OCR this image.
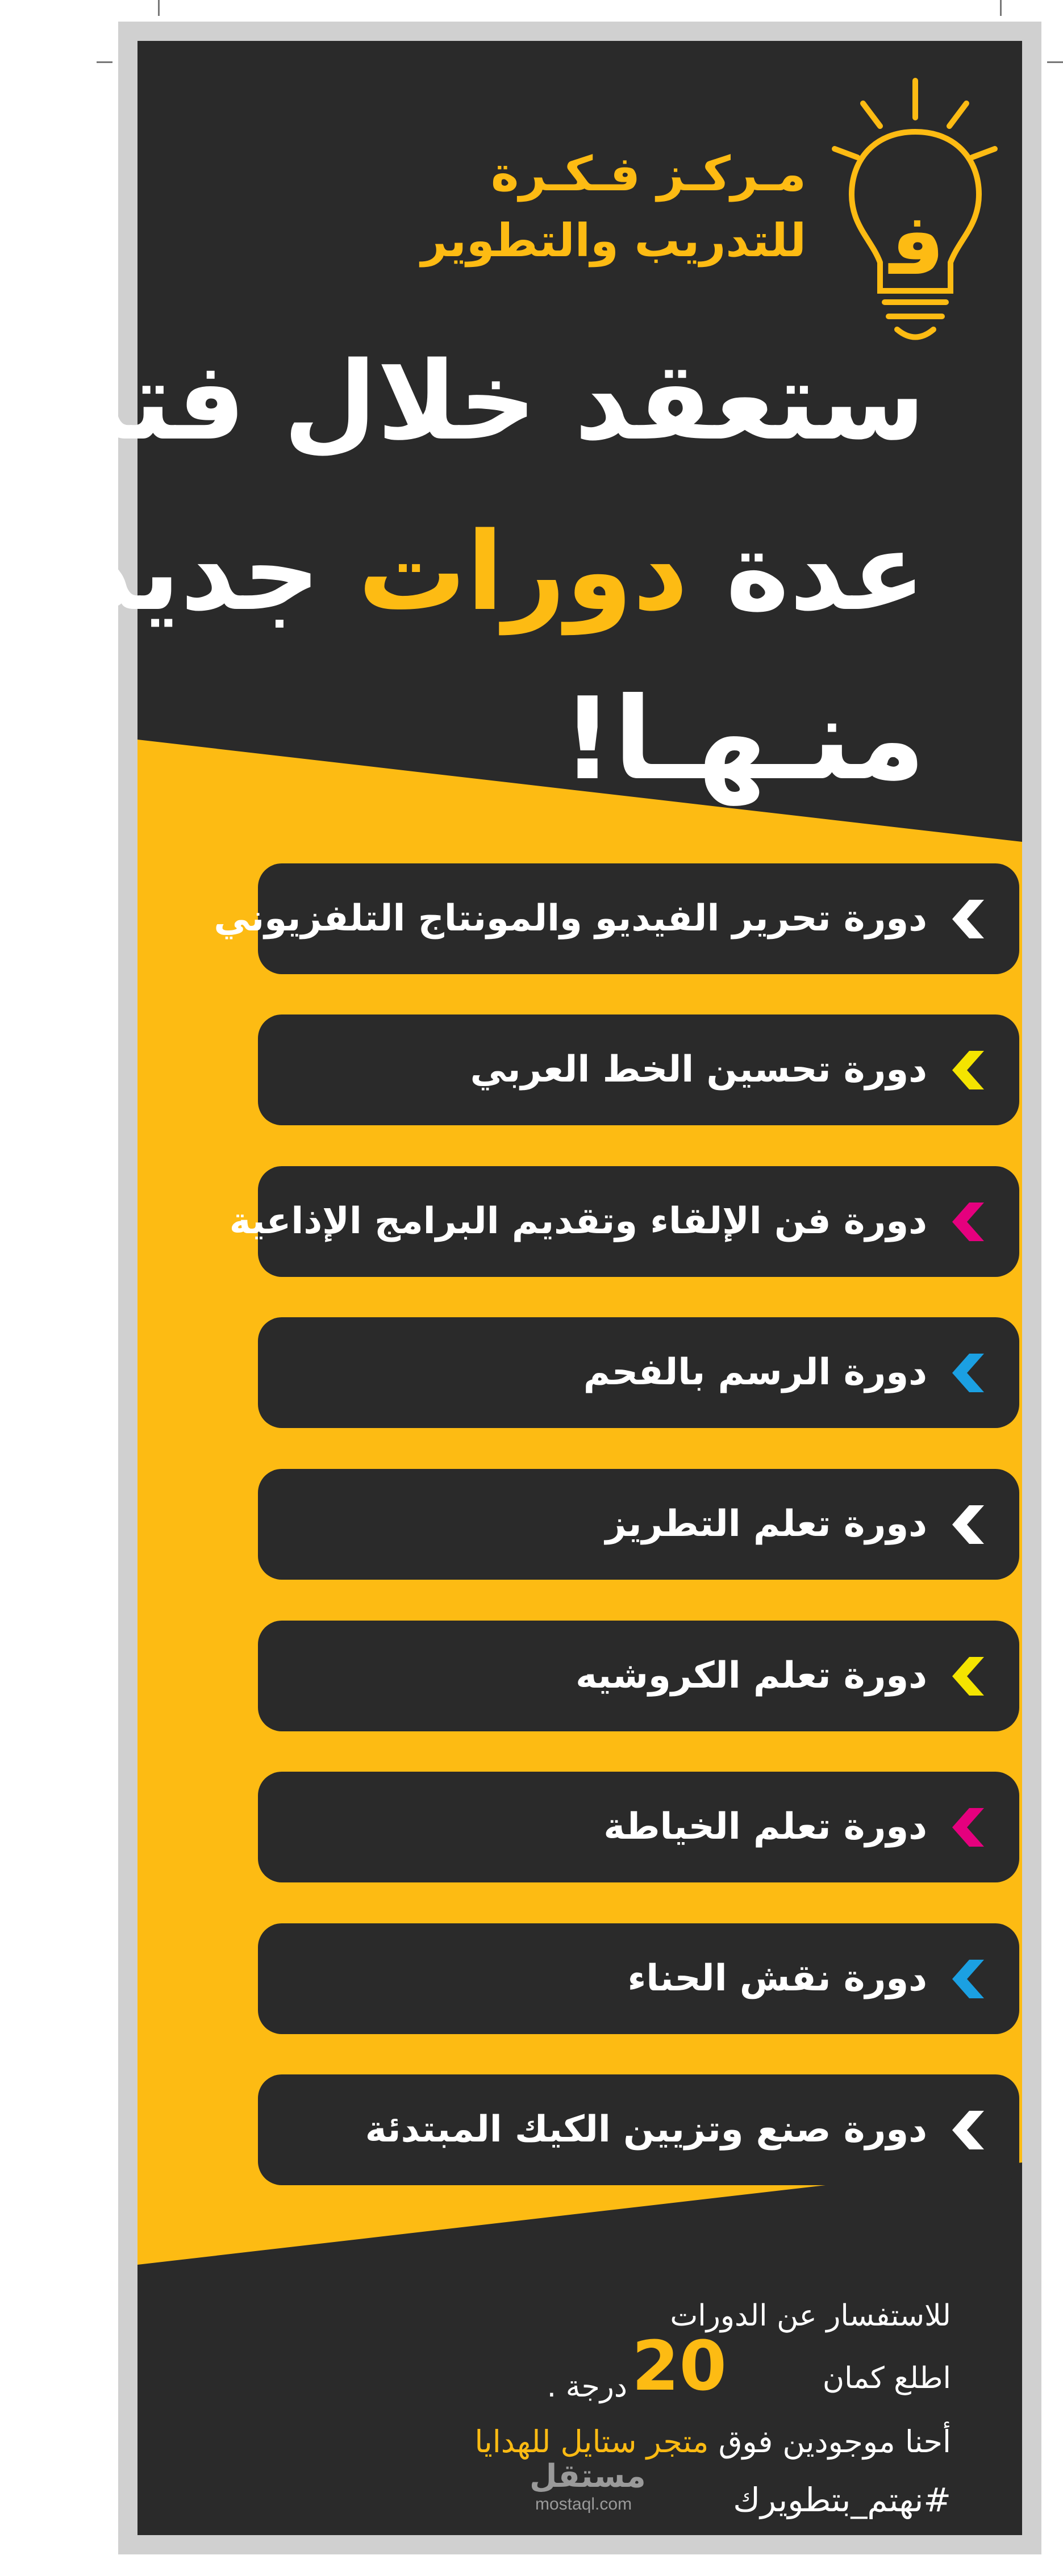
ﻓ
مـركـز فـكـرة
للتدريب والتطوير
ستعقد خلال فترة
عدة دورات جديدة
منـهـا!
دورة تحرير الفيديو والمونتاج التلفزيوني
دورة تحسين الخط العربي
دورة فن الإلقاء وتقديم البرامج الإذاعية
دورة الرسم بالفحم
دورة تعلم التطريز
دورة تعلم الكروشيه
دورة تعلم الخياطة
دورة نقش الحناء
دورة صنع وتزيين الكيك المبتدئة
للاستفسار عن الدورات
اطلع كمان
20
درجة .
أحنا موجودين فوق متجر ستايل للهدايا
#نهتم_بتطويرك
مستقل
mostaql.com
